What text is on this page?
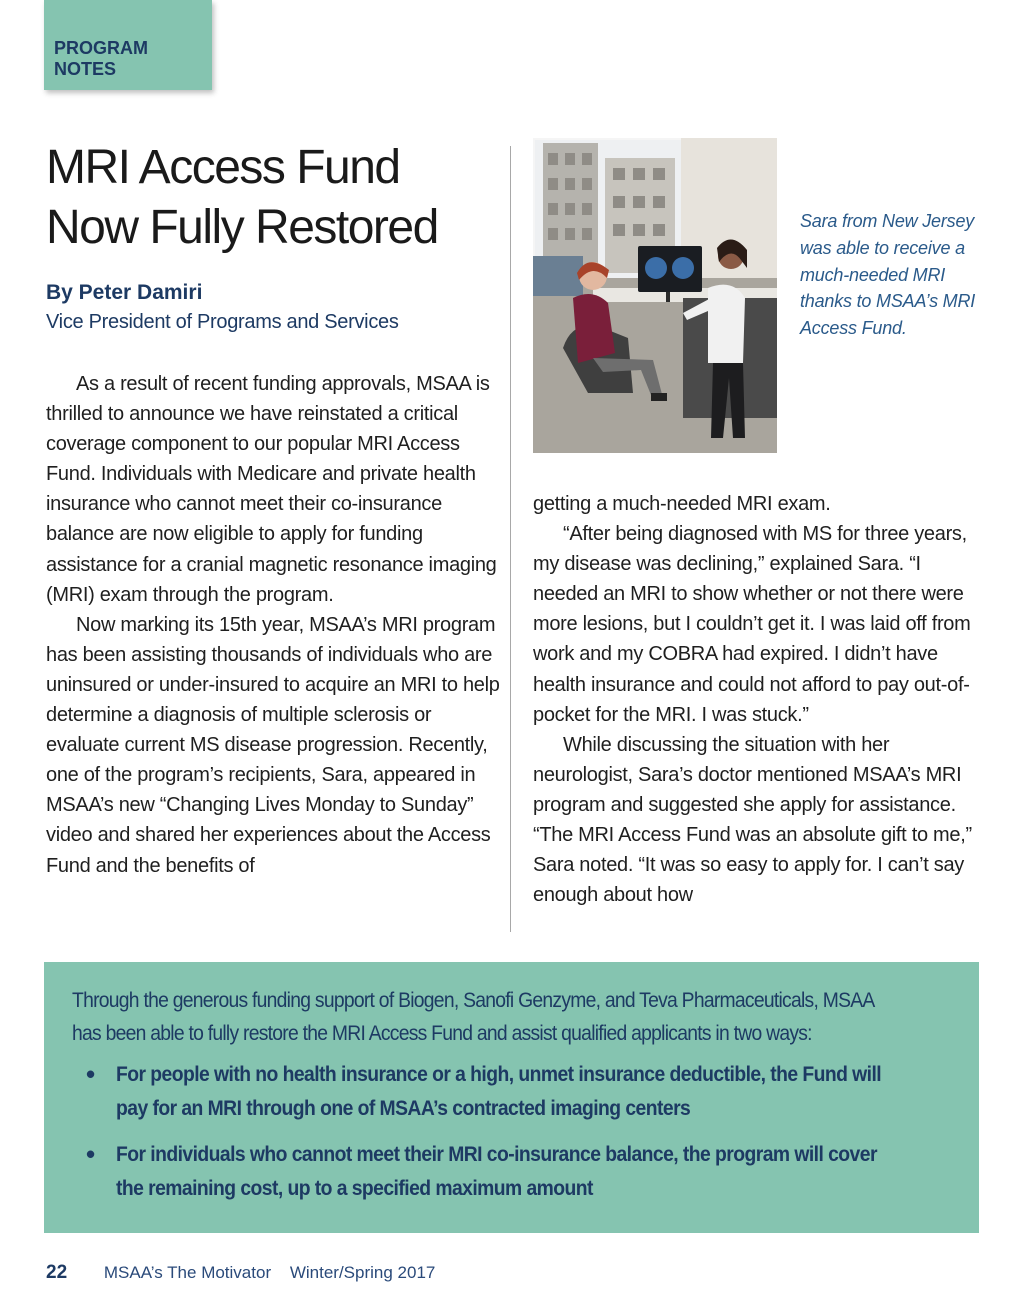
PROGRAM
NOTES
MRI Access Fund
Now Fully Restored
By Peter Damiri
Vice President of Programs and Services

As a result of recent funding approvals, MSAA is thrilled to announce we have reinstated a critical coverage component to our popular MRI Access Fund. Individuals with Medicare and private health insurance who cannot meet their co-insurance balance are now eligible to apply for funding assistance for a cranial magnetic resonance imaging (MRI) exam through the program.

Now marking its 15th year, MSAA’s MRI program has been assisting thousands of individuals who are uninsured or under-insured to acquire an MRI to help determine a diagnosis of multiple sclerosis or evaluate current MS disease progression. Recently, one of the program’s recipients, Sara, appeared in MSAA’s new “Changing Lives Monday to Sunday” video and shared her experiences about the Access Fund and the benefits of

Sara from New Jersey was able to receive a much-needed MRI thanks to MSAA’s MRI Access Fund.

getting a much-needed MRI exam.

“After being diagnosed with MS for three years, my disease was declining,” explained Sara. “I needed an MRI to show whether or not there were more lesions, but I couldn’t get it. I was laid off from work and my COBRA had expired. I didn’t have health insurance and could not afford to pay out-of-pocket for the MRI. I was stuck.”

While discussing the situation with her neurologist, Sara’s doctor mentioned MSAA’s MRI program and suggested she apply for assistance. “The MRI Access Fund was an absolute gift to me,” Sara noted. “It was so easy to apply for. I can’t say enough about how

Through the generous funding support of Biogen, Sanofi Genzyme, and Teva Pharmaceuticals, MSAA has been able to fully restore the MRI Access Fund and assist qualified applicants in two ways:
• For people with no health insurance or a high, unmet insurance deductible, the Fund will pay for an MRI through one of MSAA’s contracted imaging centers
• For individuals who cannot meet their MRI co-insurance balance, the program will cover the remaining cost, up to a specified maximum amount
22 MSAA’s The Motivator Winter/Spring 2017
